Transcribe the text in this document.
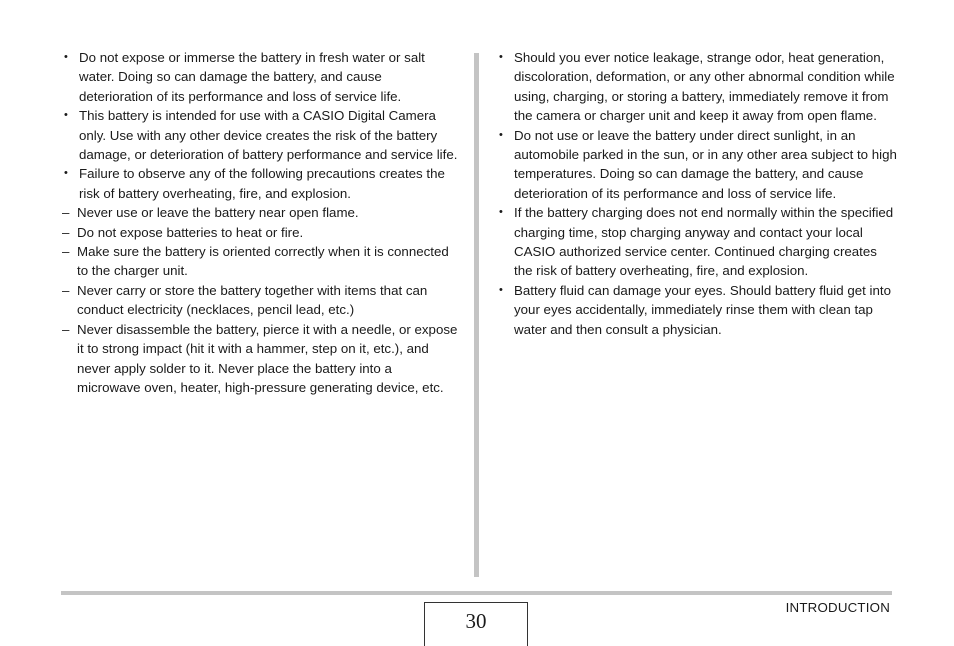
• Do not expose or immerse the battery in fresh water or salt water. Doing so can damage the battery, and cause deterioration of its performance and loss of service life.
• This battery is intended for use with a CASIO Digital Camera only. Use with any other device creates the risk of the battery damage, or deterioration of battery performance and service life.
• Failure to observe any of the following precautions creates the risk of battery overheating, fire, and explosion.
– Never use or leave the battery near open flame.
– Do not expose batteries to heat or fire.
– Make sure the battery is oriented correctly when it is connected to the charger unit.
– Never carry or store the battery together with items that can conduct electricity (necklaces, pencil lead, etc.)
– Never disassemble the battery, pierce it with a needle, or expose it to strong impact (hit it with a hammer, step on it, etc.), and never apply solder to it. Never place the battery into a microwave oven, heater, high-pressure generating device, etc.
• Should you ever notice leakage, strange odor, heat generation, discoloration, deformation, or any other abnormal condition while using, charging, or storing a battery, immediately remove it from the camera or charger unit and keep it away from open flame.
• Do not use or leave the battery under direct sunlight, in an automobile parked in the sun, or in any other area subject to high temperatures. Doing so can damage the battery, and cause deterioration of its performance and loss of service life.
• If the battery charging does not end normally within the specified charging time, stop charging anyway and contact your local CASIO authorized service center. Continued charging creates the risk of battery overheating, fire, and explosion.
• Battery fluid can damage your eyes. Should battery fluid get into your eyes accidentally, immediately rinse them with clean tap water and then consult a physician.
INTRODUCTION
30
